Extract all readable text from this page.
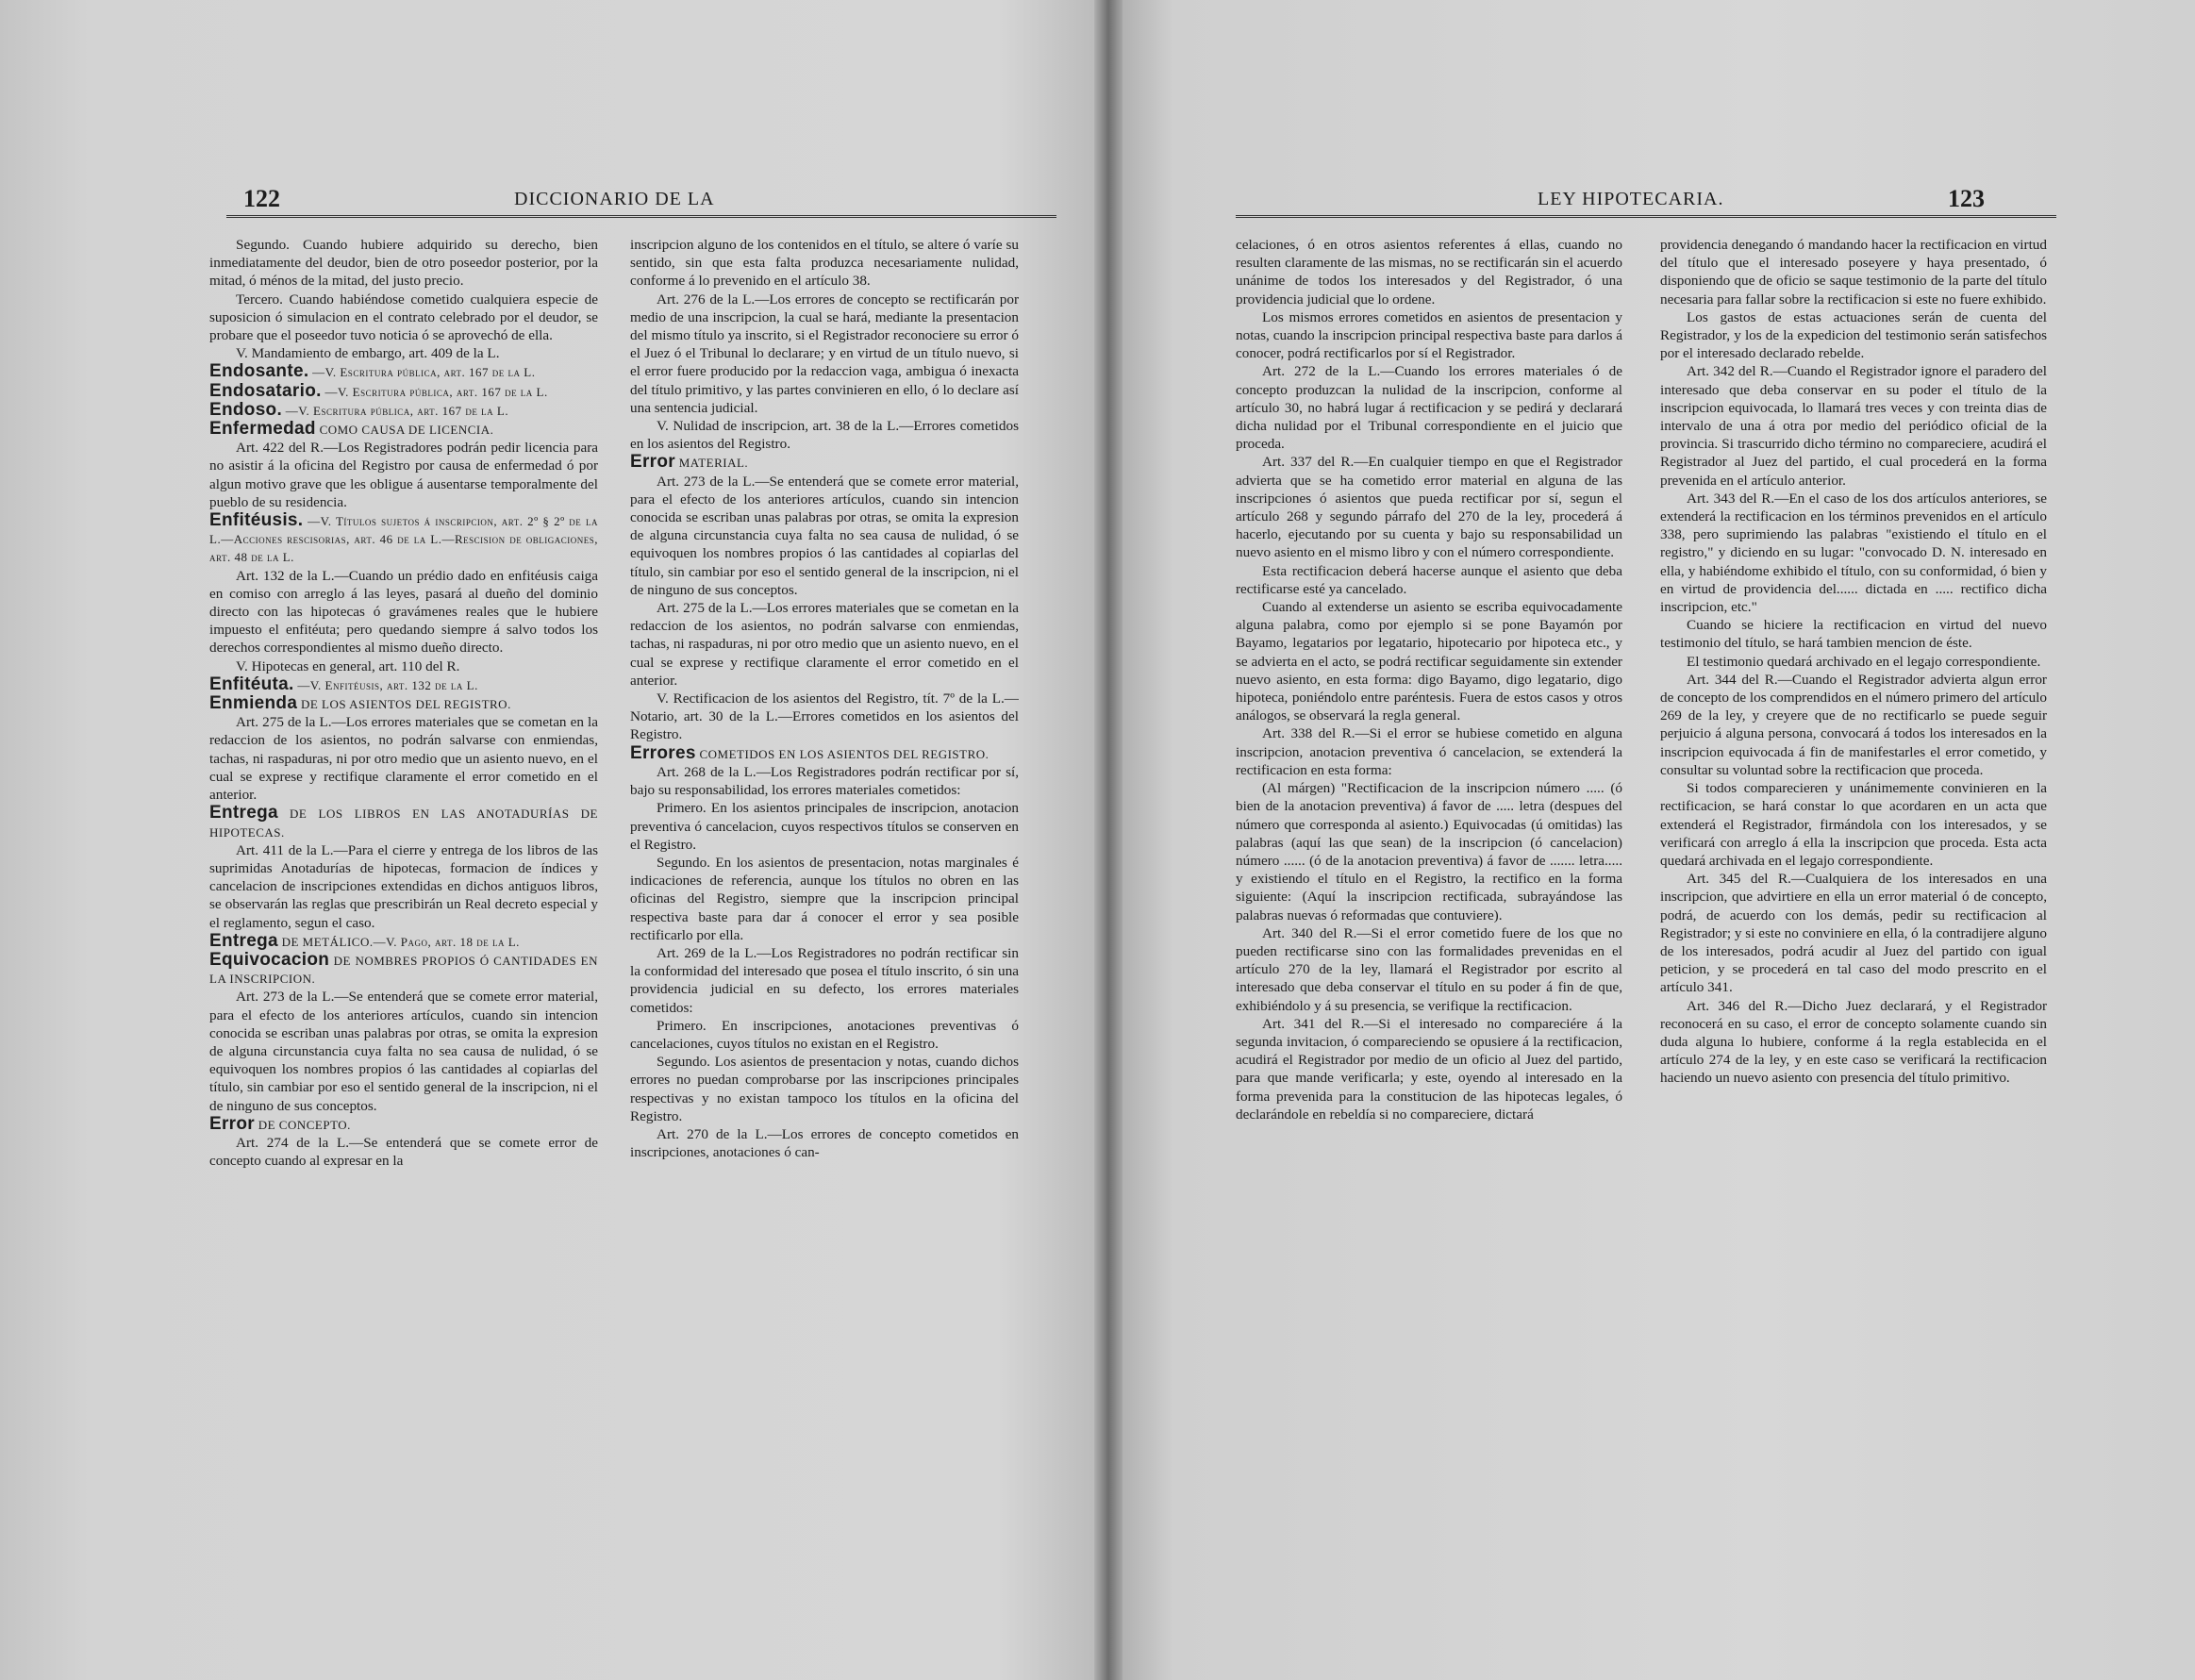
122	DICCIONARIO DE LA	LEY HIPOTECARIA.	123

Segundo. Cuando hubiere adquirido su derecho, bien inmediatamente del deudor, bien de otro poseedor posterior, por la mitad, ó ménos de la mitad, del justo precio.

Tercero. Cuando habiéndose cometido cualquiera especie de suposicion ó simulacion en el contrato celebrado por el deudor, se probare que el poseedor tuvo noticia ó se aprovechó de ella.

V. Mandamiento de embargo, art. 409 de la L.

Endosante. —V. Escritura pública, art. 167 de la L.

Endosatario. —V. Escritura pública, art. 167 de la L.

Endoso. —V. Escritura pública, art. 167 de la L.

Enfermedad COMO CAUSA DE LICENCIA.

Art. 422 del R.—Los Registradores podrán pedir licencia para no asistir á la oficina del Registro por causa de enfermedad ó por algun motivo grave que les obligue á ausentarse temporalmente del pueblo de su residencia.

Enfitéusis. —V. Títulos sujetos á inscripcion, art. 2º § 2º de la L.—Acciones rescisorias, art. 46 de la L.—Rescision de obligaciones, art. 48 de la L.

Art. 132 de la L.—Cuando un prédio dado en enfitéusis caiga en comiso con arreglo á las leyes, pasará al dueño del dominio directo con las hipotecas ó gravámenes reales que le hubiere impuesto el enfitéuta; pero quedando siempre á salvo todos los derechos correspondientes al mismo dueño directo.

V. Hipotecas en general, art. 110 del R.

Enfitéuta. —V. Enfitéusis, art. 132 de la L.

Enmienda DE LOS ASIENTOS DEL REGISTRO.

Art. 275 de la L.—Los errores materiales que se cometan en la redaccion de los asientos, no podrán salvarse con enmiendas, tachas, ni raspaduras, ni por otro medio que un asiento nuevo, en el cual se exprese y rectifique claramente el error cometido en el anterior.

Entrega DE LOS LIBROS EN LAS ANOTADURÍAS DE HIPOTECAS.

Art. 411 de la L.—Para el cierre y entrega de los libros de las suprimidas Anotadurías de hipotecas, formacion de índices y cancelacion de inscripciones extendidas en dichos antiguos libros, se observarán las reglas que prescribirán un Real decreto especial y el reglamento, segun el caso.

Entrega DE METÁLICO.—V. Pago, art. 18 de la L.

Equivocacion DE NOMBRES PROPIOS Ó CANTIDADES EN LA INSCRIPCION.

Art. 273 de la L.—Se entenderá que se comete error material, para el efecto de los anteriores artículos, cuando sin intencion conocida se escriban unas palabras por otras, se omita la expresion de alguna circunstancia cuya falta no sea causa de nulidad, ó se equivoquen los nombres propios ó las cantidades al copiarlas del título, sin cambiar por eso el sentido general de la inscripcion, ni el de ninguno de sus conceptos.

Error DE CONCEPTO.

Art. 274 de la L.—Se entenderá que se comete error de concepto cuando al expresar en la

inscripcion alguno de los contenidos en el título, se altere ó varíe su sentido, sin que esta falta produzca necesariamente nulidad, conforme á lo prevenido en el artículo 38.

Art. 276 de la L.—Los errores de concepto se rectificarán por medio de una inscripcion, la cual se hará, mediante la presentacion del mismo título ya inscrito, si el Registrador reconociere su error ó el Juez ó el Tribunal lo declarare; y en virtud de un título nuevo, si el error fuere producido por la redaccion vaga, ambigua ó inexacta del título primitivo, y las partes convinieren en ello, ó lo declare así una sentencia judicial.

V. Nulidad de inscripcion, art. 38 de la L.—Errores cometidos en los asientos del Registro.

Error MATERIAL.

Art. 273 de la L.—Se entenderá que se comete error material, para el efecto de los anteriores artículos, cuando sin intencion conocida se escriban unas palabras por otras, se omita la expresion de alguna circunstancia cuya falta no sea causa de nulidad, ó se equivoquen los nombres propios ó las cantidades al copiarlas del título, sin cambiar por eso el sentido general de la inscripcion, ni el de ninguno de sus conceptos.

Art. 275 de la L.—Los errores materiales que se cometan en la redaccion de los asientos, no podrán salvarse con enmiendas, tachas, ni raspaduras, ni por otro medio que un asiento nuevo, en el cual se exprese y rectifique claramente el error cometido en el anterior.

V. Rectificacion de los asientos del Registro, tít. 7º de la L.—Notario, art. 30 de la L.—Errores cometidos en los asientos del Registro.

Errores COMETIDOS EN LOS ASIENTOS DEL REGISTRO.

Art. 268 de la L.—Los Registradores podrán rectificar por sí, bajo su responsabilidad, los errores materiales cometidos:

Primero. En los asientos principales de inscripcion, anotacion preventiva ó cancelacion, cuyos respectivos títulos se conserven en el Registro.

Segundo. En los asientos de presentacion, notas marginales é indicaciones de referencia, aunque los títulos no obren en las oficinas del Registro, siempre que la inscripcion principal respectiva baste para dar á conocer el error y sea posible rectificarlo por ella.

Art. 269 de la L.—Los Registradores no podrán rectificar sin la conformidad del interesado que posea el título inscrito, ó sin una providencia judicial en su defecto, los errores materiales cometidos:

Primero. En inscripciones, anotaciones preventivas ó cancelaciones, cuyos títulos no existan en el Registro.

Segundo. Los asientos de presentacion y notas, cuando dichos errores no puedan comprobarse por las inscripciones principales respectivas y no existan tampoco los títulos en la oficina del Registro.

Art. 270 de la L.—Los errores de concepto cometidos en inscripciones, anotaciones ó can-

celaciones, ó en otros asientos referentes á ellas, cuando no resulten claramente de las mismas, no se rectificarán sin el acuerdo unánime de todos los interesados y del Registrador, ó una providencia judicial que lo ordene.

Los mismos errores cometidos en asientos de presentacion y notas, cuando la inscripcion principal respectiva baste para darlos á conocer, podrá rectificarlos por sí el Registrador.

Art. 272 de la L.—Cuando los errores materiales ó de concepto produzcan la nulidad de la inscripcion, conforme al artículo 30, no habrá lugar á rectificacion y se pedirá y declarará dicha nulidad por el Tribunal correspondiente en el juicio que proceda.

Art. 337 del R.—En cualquier tiempo en que el Registrador advierta que se ha cometido error material en alguna de las inscripciones ó asientos que pueda rectificar por sí, segun el artículo 268 y segundo párrafo del 270 de la ley, procederá á hacerlo, ejecutando por su cuenta y bajo su responsabilidad un nuevo asiento en el mismo libro y con el número correspondiente.

Esta rectificacion deberá hacerse aunque el asiento que deba rectificarse esté ya cancelado.

Cuando al extenderse un asiento se escriba equivocadamente alguna palabra, como por ejemplo si se pone Bayamón por Bayamo, legatarios por legatario, hipotecario por hipoteca etc., y se advierta en el acto, se podrá rectificar seguidamente sin extender nuevo asiento, en esta forma: digo Bayamo, digo legatario, digo hipoteca, poniéndolo entre paréntesis. Fuera de estos casos y otros análogos, se observará la regla general.

Art. 338 del R.—Si el error se hubiese cometido en alguna inscripcion, anotacion preventiva ó cancelacion, se extenderá la rectificacion en esta forma:

(Al márgen) "Rectificacion de la inscripcion número ..... (ó bien de la anotacion preventiva) á favor de ..... letra (despues del número que corresponda al asiento.) Equivocadas (ú omitidas) las palabras (aquí las que sean) de la inscripcion (ó cancelacion) número ...... (ó de la anotacion preventiva) á favor de ....... letra..... y existiendo el título en el Registro, la rectifico en la forma siguiente: (Aquí la inscripcion rectificada, subrayándose las palabras nuevas ó reformadas que contuviere).

Art. 340 del R.—Si el error cometido fuere de los que no pueden rectificarse sino con las formalidades prevenidas en el artículo 270 de la ley, llamará el Registrador por escrito al interesado que deba conservar el título en su poder á fin de que, exhibiéndolo y á su presencia, se verifique la rectificacion.

Art. 341 del R.—Si el interesado no compareciére á la segunda invitacion, ó compareciendo se opusiere á la rectificacion, acudirá el Registrador por medio de un oficio al Juez del partido, para que mande verificarla; y este, oyendo al interesado en la forma prevenida para la constitucion de las hipotecas legales, ó declarándole en rebeldía si no compareciere, dictará

providencia denegando ó mandando hacer la rectificacion en virtud del título que el interesado poseyere y haya presentado, ó disponiendo que de oficio se saque testimonio de la parte del título necesaria para fallar sobre la rectificacion si este no fuere exhibido.

Los gastos de estas actuaciones serán de cuenta del Registrador, y los de la expedicion del testimonio serán satisfechos por el interesado declarado rebelde.

Art. 342 del R.—Cuando el Registrador ignore el paradero del interesado que deba conservar en su poder el título de la inscripcion equivocada, lo llamará tres veces y con treinta dias de intervalo de una á otra por medio del periódico oficial de la provincia. Si trascurrido dicho término no compareciere, acudirá el Registrador al Juez del partido, el cual procederá en la forma prevenida en el artículo anterior.

Art. 343 del R.—En el caso de los dos artículos anteriores, se extenderá la rectificacion en los términos prevenidos en el artículo 338, pero suprimiendo las palabras "existiendo el título en el registro," y diciendo en su lugar: "convocado D. N. interesado en ella, y habiéndome exhibido el título, con su conformidad, ó bien y en virtud de providencia del...... dictada en ..... rectifico dicha inscripcion, etc."

Cuando se hiciere la rectificacion en virtud del nuevo testimonio del título, se hará tambien mencion de éste.

El testimonio quedará archivado en el legajo correspondiente.

Art. 344 del R.—Cuando el Registrador advierta algun error de concepto de los comprendidos en el número primero del artículo 269 de la ley, y creyere que de no rectificarlo se puede seguir perjuicio á alguna persona, convocará á todos los interesados en la inscripcion equivocada á fin de manifestarles el error cometido, y consultar su voluntad sobre la rectificacion que proceda.

Si todos comparecieren y unánimemente convinieren en la rectificacion, se hará constar lo que acordaren en un acta que extenderá el Registrador, firmándola con los interesados, y se verificará con arreglo á ella la inscripcion que proceda. Esta acta quedará archivada en el legajo correspondiente.

Art. 345 del R.—Cualquiera de los interesados en una inscripcion, que advirtiere en ella un error material ó de concepto, podrá, de acuerdo con los demás, pedir su rectificacion al Registrador; y si este no conviniere en ella, ó la contradijere alguno de los interesados, podrá acudir al Juez del partido con igual peticion, y se procederá en tal caso del modo prescrito en el artículo 341.

Art. 346 del R.—Dicho Juez declarará, y el Registrador reconocerá en su caso, el error de concepto solamente cuando sin duda alguna lo hubiere, conforme á la regla establecida en el artículo 274 de la ley, y en este caso se verificará la rectificacion haciendo un nuevo asiento con presencia del título primitivo.
